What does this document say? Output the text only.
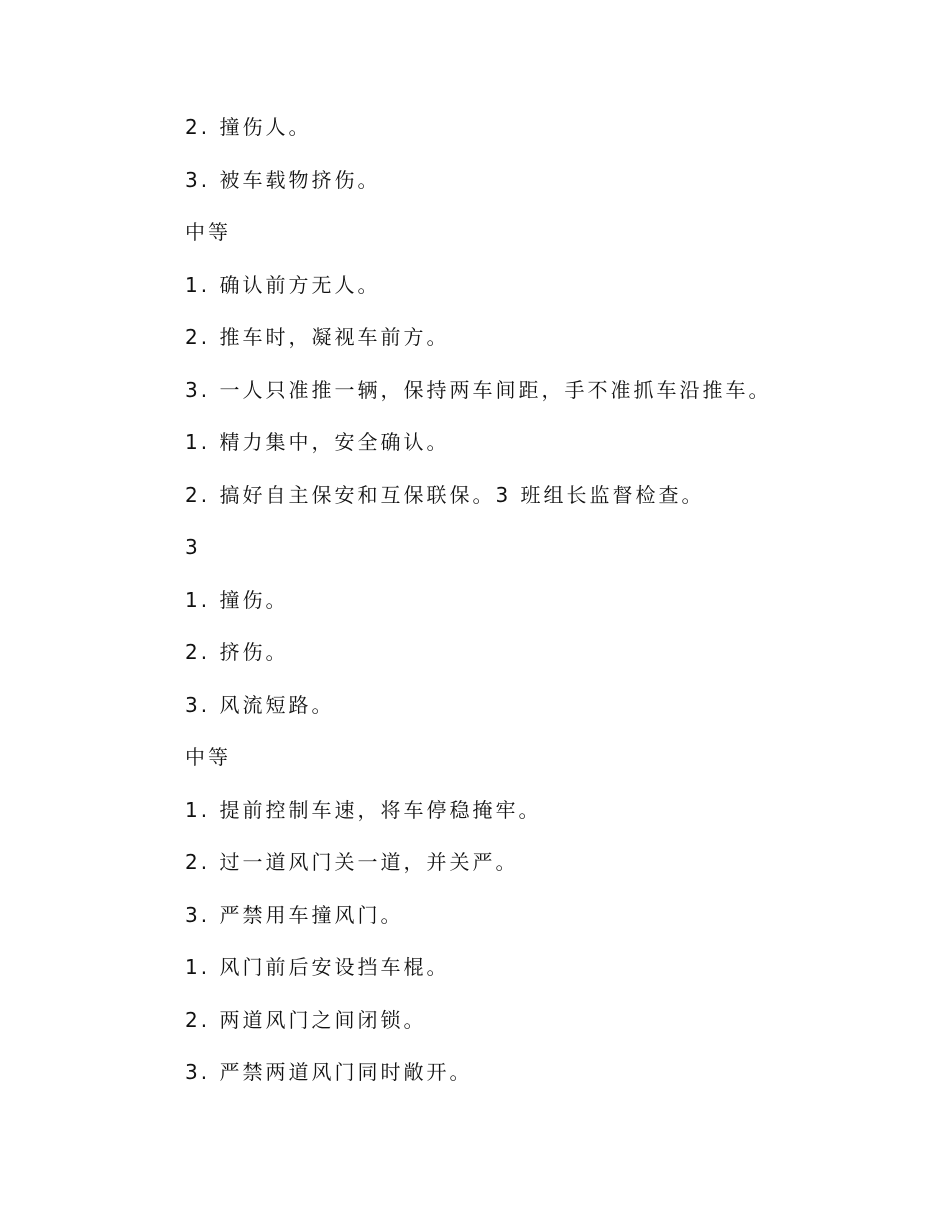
2. 撞伤人。
3. 被车载物挤伤。
中等
1. 确认前方无人。
2. 推车时，凝视车前方。
3. 一人只准推一辆，保持两车间距，手不准抓车沿推车。
1. 精力集中，安全确认。
2. 搞好自主保安和互保联保。3 班组长监督检查。
3
1. 撞伤。
2. 挤伤。
3. 风流短路。
中等
1. 提前控制车速，将车停稳掩牢。
2. 过一道风门关一道，并关严。
3. 严禁用车撞风门。
1. 风门前后安设挡车棍。
2. 两道风门之间闭锁。
3. 严禁两道风门同时敞开。
